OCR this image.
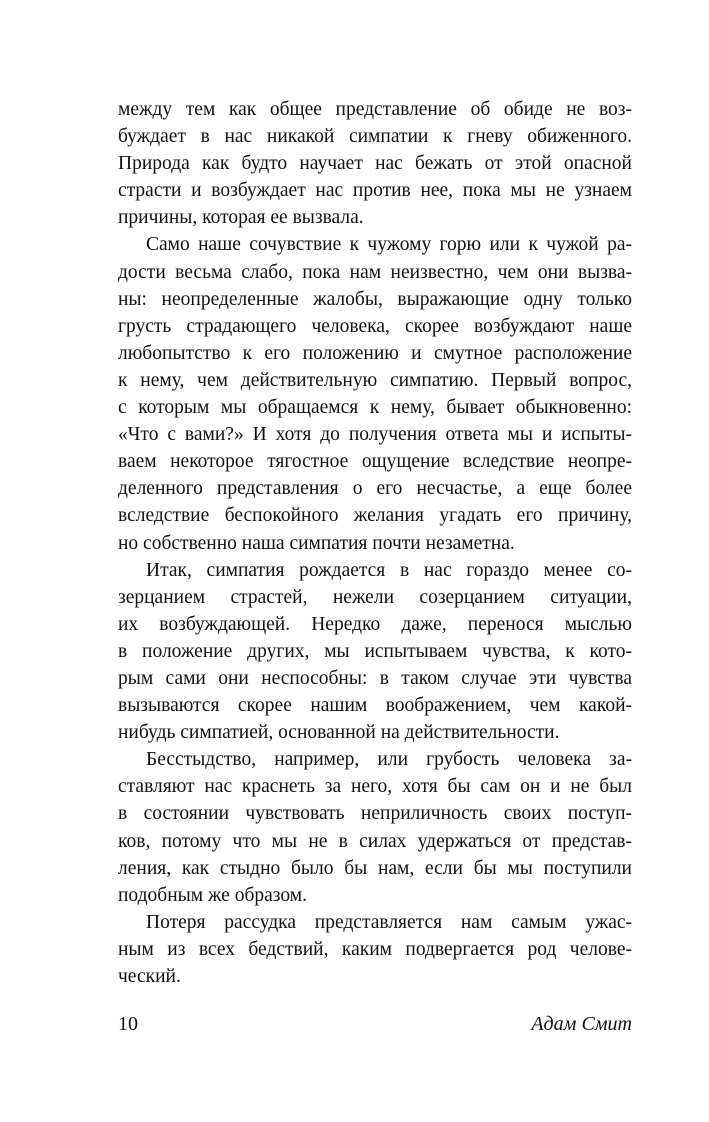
между тем как общее представление об обиде не воз-
буждает в нас никакой симпатии к гневу обиженного.
Природа как будто научает нас бежать от этой опасной
страсти и возбуждает нас против нее, пока мы не узнаем
причины, которая ее вызвала.
Само наше сочувствие к чужому горю или к чужой ра-
дости весьма слабо, пока нам неизвестно, чем они вызва-
ны: неопределенные жалобы, выражающие одну только
грусть страдающего человека, скорее возбуждают наше
любопытство к его положению и смутное расположение
к нему, чем действительную симпатию. Первый вопрос,
с которым мы обращаемся к нему, бывает обыкновенно:
«Что с вами?» И хотя до получения ответа мы и испыты-
ваем некоторое тягостное ощущение вследствие неопре-
деленного представления о его несчастье, а еще более
вследствие беспокойного желания угадать его причину,
но собственно наша симпатия почти незаметна.
Итак, симпатия рождается в нас гораздо менее со-
зерцанием страстей, нежели созерцанием ситуации,
их возбуждающей. Нередко даже, перенося мыслью
в положение других, мы испытываем чувства, к кото-
рым сами они неспособны: в таком случае эти чувства
вызываются скорее нашим воображением, чем какой-
нибудь симпатией, основанной на действительности.
Бесстыдство, например, или грубость человека за-
ставляют нас краснеть за него, хотя бы сам он и не был
в состоянии чувствовать неприличность своих поступ-
ков, потому что мы не в силах удержаться от представ-
ления, как стыдно было бы нам, если бы мы поступили
подобным же образом.
Потеря рассудка представляется нам самым ужас-
ным из всех бедствий, каким подвергается род челове-
ческий.
10	Адам Смит
